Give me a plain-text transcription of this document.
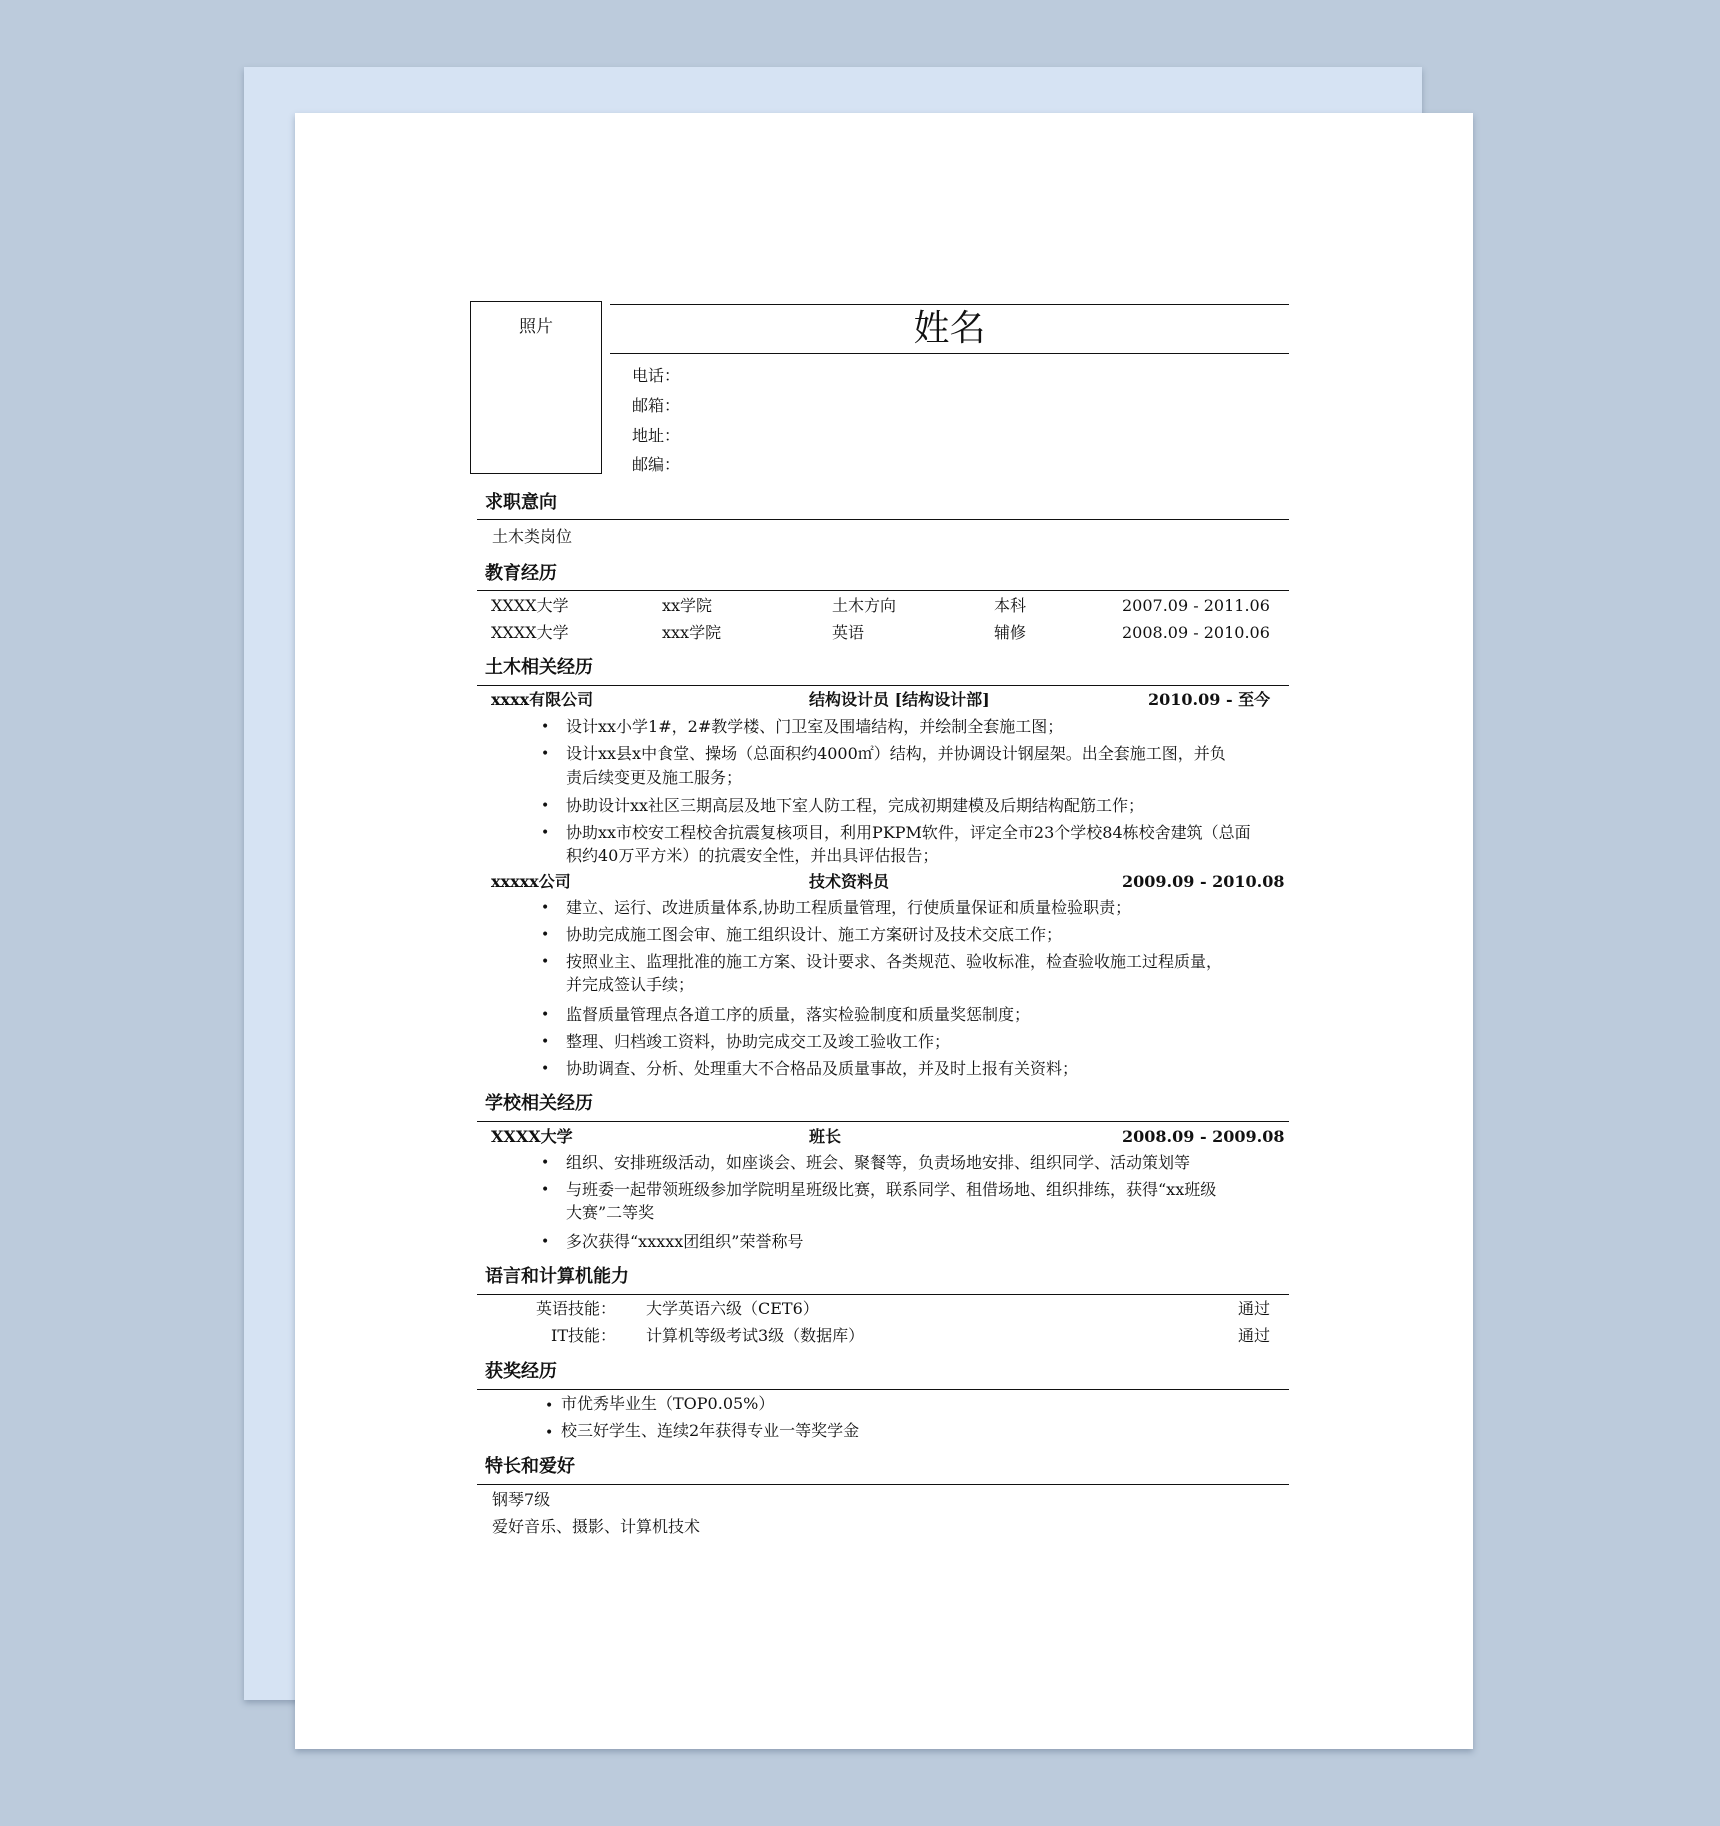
照片	姓名
电话：
邮箱：
地址：
邮编：
求职意向
土木类岗位
教育经历
XXXX大学	xx学院	土木方向	本科	2007.09 - 2011.06
XXXX大学	xxx学院	英语	辅修	2008.09 - 2010.06
土木相关经历
xxxx有限公司	结构设计员 [结构设计部]	2010.09 - 至今
• 设计xx小学1#，2#教学楼、门卫室及围墙结构，并绘制全套施工图；
• 设计xx县x中食堂、操场（总面积约4000㎡）结构，并协调设计钢屋架。出全套施工图，并负
责后续变更及施工服务；
• 协助设计xx社区三期高层及地下室人防工程，完成初期建模及后期结构配筋工作；
• 协助xx市校安工程校舍抗震复核项目，利用PKPM软件，评定全市23个学校84栋校舍建筑（总面
积约40万平方米）的抗震安全性，并出具评估报告；
xxxxx公司	技术资料员	2009.09 - 2010.08
• 建立、运行、改进质量体系,协助工程质量管理，行使质量保证和质量检验职责；
• 协助完成施工图会审、施工组织设计、施工方案研讨及技术交底工作；
• 按照业主、监理批准的施工方案、设计要求、各类规范、验收标准，检查验收施工过程质量，
并完成签认手续；
• 监督质量管理点各道工序的质量，落实检验制度和质量奖惩制度；
• 整理、归档竣工资料，协助完成交工及竣工验收工作；
• 协助调查、分析、处理重大不合格品及质量事故，并及时上报有关资料；
学校相关经历
XXXX大学	班长	2008.09 - 2009.08
• 组织、安排班级活动，如座谈会、班会、聚餐等，负责场地安排、组织同学、活动策划等
• 与班委一起带领班级参加学院明星班级比赛，联系同学、租借场地、组织排练，获得“xx班级
大赛”二等奖
• 多次获得“xxxxx团组织”荣誉称号
语言和计算机能力
英语技能： 大学英语六级（CET6）	通过
IT技能： 计算机等级考试3级（数据库）	通过
获奖经历
• 市优秀毕业生（TOP0.05%）
• 校三好学生、连续2年获得专业一等奖学金
特长和爱好
钢琴7级
爱好音乐、摄影、计算机技术
